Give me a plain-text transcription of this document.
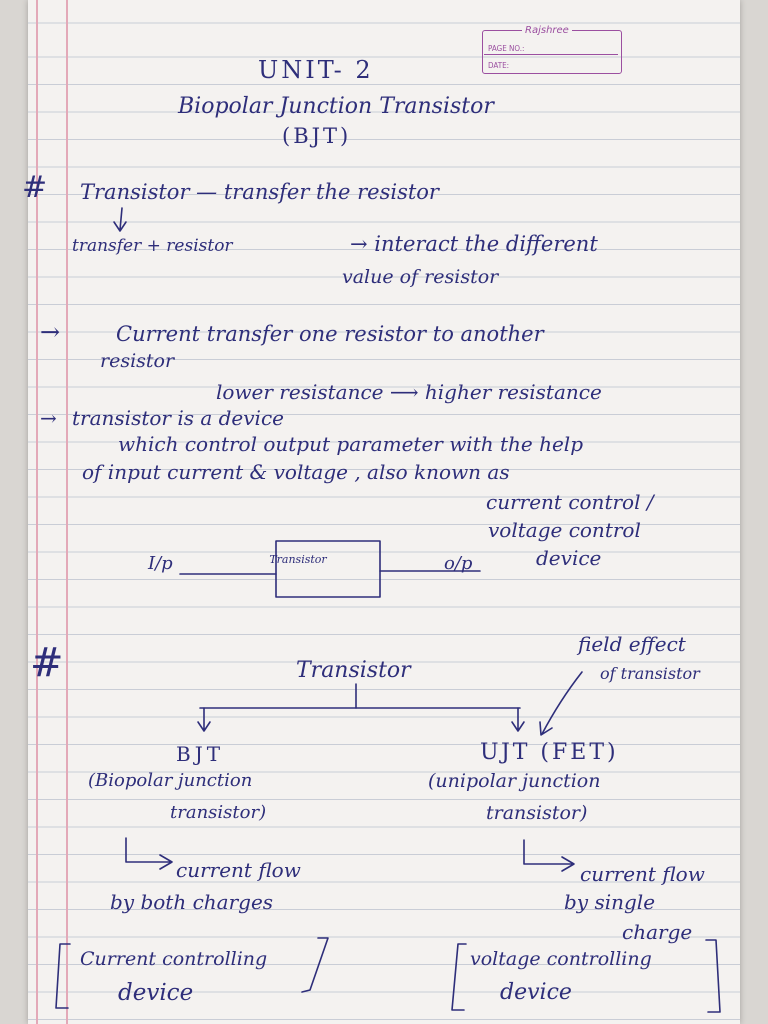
Rajshree
PAGE NO.:
DATE:
UNIT- 2
Biopolar Junction Transistor
(BJT)
# Transistor — transfer the resistor
transfer + resistor	→ interact the different
value of resistor
→	Current transfer one resistor to another
resistor
lower resistance ⟶ higher resistance
→ transistor is a device
which control output parameter with the help
of input current & voltage , also known as
current control /
voltage control
device
I/p	Transistor	o/p
#	Transistor
field effect
of transistor
BJT
(Biopolar junction
transistor)
current flow
by both charges
Current controlling
device
UJT (FET)
(unipolar junction
transistor)
current flow
by single
charge
voltage controlling
device
